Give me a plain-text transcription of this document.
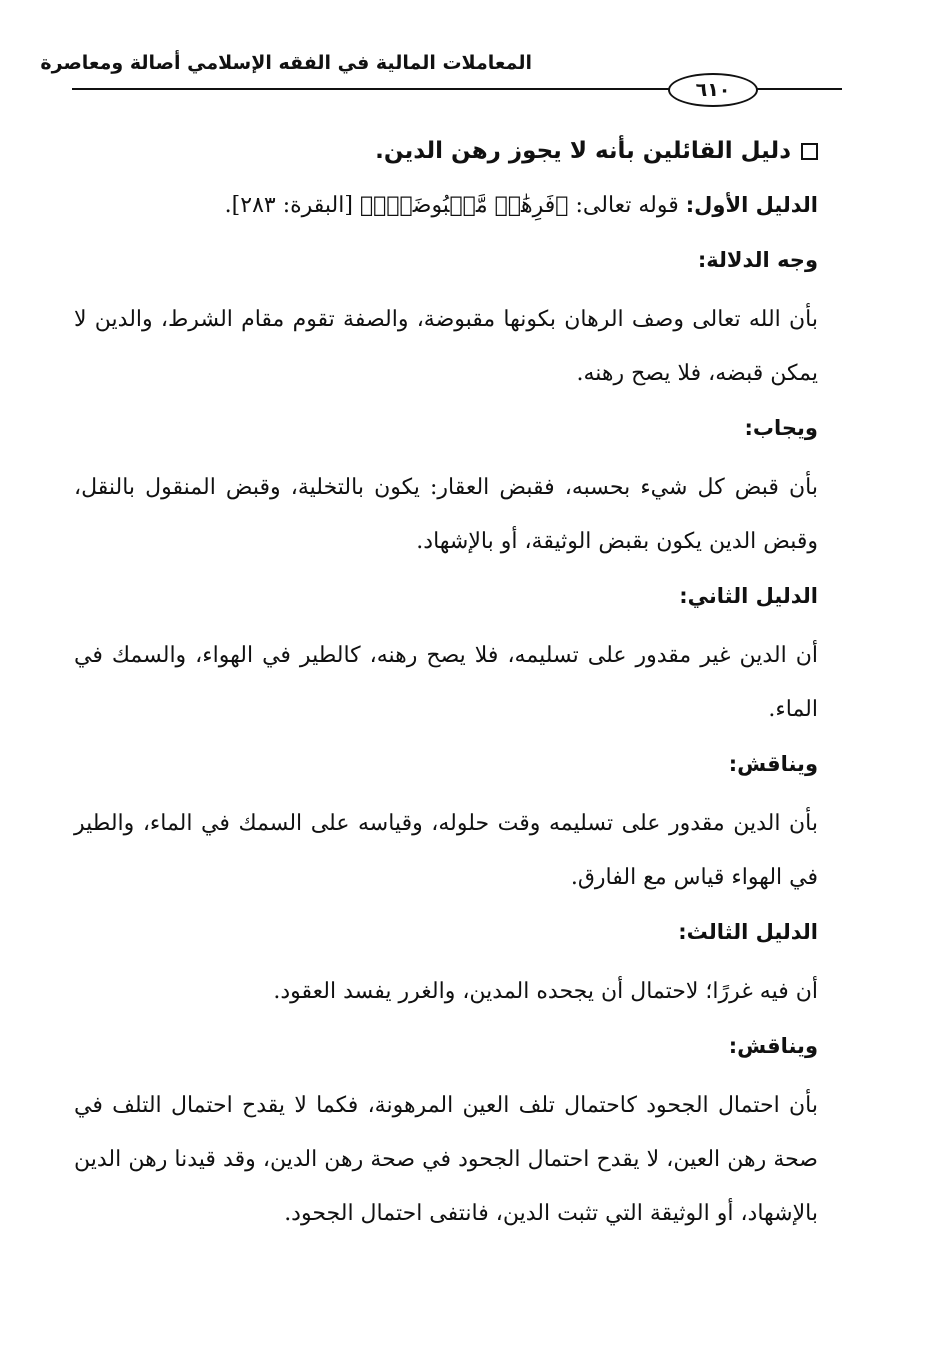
المعاملات المالية في الفقه الإسلامي أصالة ومعاصرة
٦١٠
دليل القائلين بأنه لا يجوز رهن الدين.

الدليل الأول: قوله تعالى: ﴿فَرِهَٰنٞ مَّقۡبُوضَةٞۖ﴾ [البقرة: ٢٨٣].

وجه الدلالة:

بأن الله تعالى وصف الرهان بكونها مقبوضة، والصفة تقوم مقام الشرط، والدين لا يمكن قبضه، فلا يصح رهنه.

ويجاب:

بأن قبض كل شيء بحسبه، فقبض العقار: يكون بالتخلية، وقبض المنقول بالنقل، وقبض الدين يكون بقبض الوثيقة، أو بالإشهاد.

الدليل الثاني:

أن الدين غير مقدور على تسليمه، فلا يصح رهنه، كالطير في الهواء، والسمك في الماء.

ويناقش:

بأن الدين مقدور على تسليمه وقت حلوله، وقياسه على السمك في الماء، والطير في الهواء قياس مع الفارق.

الدليل الثالث:

أن فيه غررًا؛ لاحتمال أن يجحده المدين، والغرر يفسد العقود.

ويناقش:

بأن احتمال الجحود كاحتمال تلف العين المرهونة، فكما لا يقدح احتمال التلف في صحة رهن العين، لا يقدح احتمال الجحود في صحة رهن الدين، وقد قيدنا رهن الدين بالإشهاد، أو الوثيقة التي تثبت الدين، فانتفى احتمال الجحود.
